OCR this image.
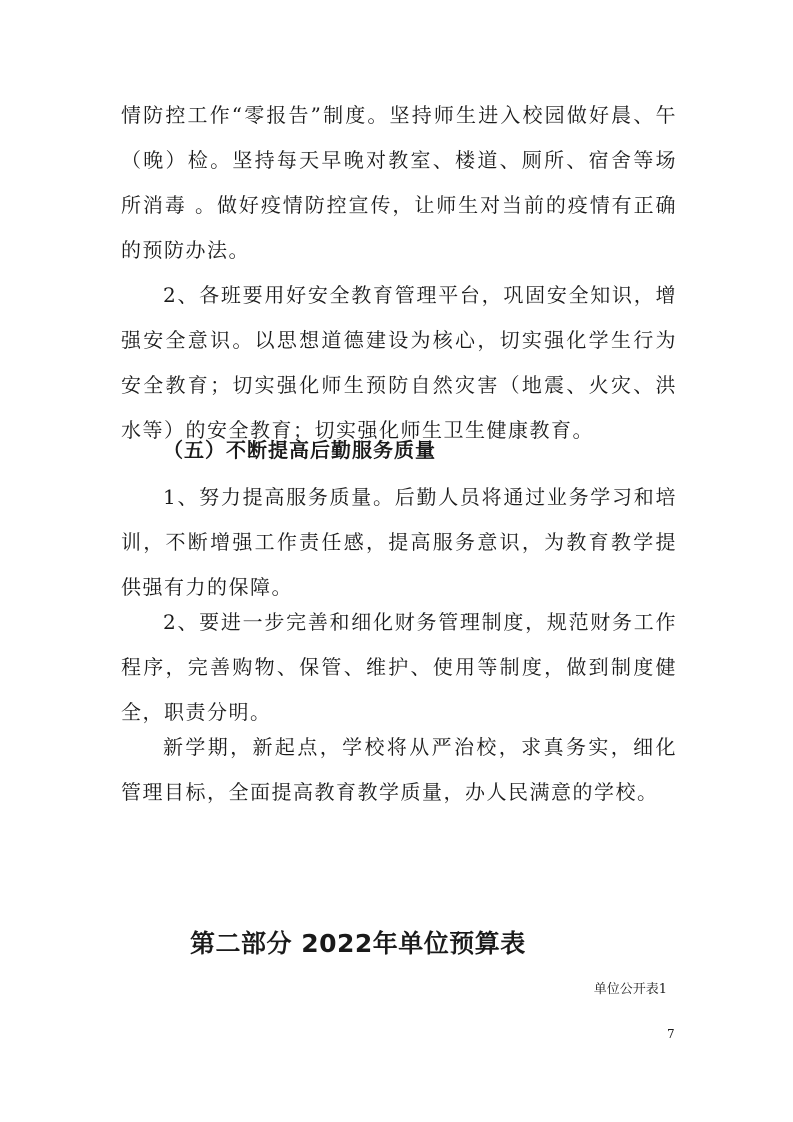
情防控工作“零报告”制度。坚持师生进入校园做好晨、午（晚）检。坚持每天早晚对教室、楼道、厕所、宿舍等场所消毒 。做好疫情防控宣传，让师生对当前的疫情有正确的预防办法。

2、各班要用好安全教育管理平台，巩固安全知识，增强安全意识。以思想道德建设为核心，切实强化学生行为安全教育；切实强化师生预防自然灾害（地震、火灾、洪水等）的安全教育；切实强化师生卫生健康教育。

（五）不断提高后勤服务质量

1、努力提高服务质量。后勤人员将通过业务学习和培训，不断增强工作责任感，提高服务意识，为教育教学提供强有力的保障。

2、要进一步完善和细化财务管理制度，规范财务工作程序，完善购物、保管、维护、使用等制度，做到制度健全，职责分明。

新学期，新起点，学校将从严治校，求真务实，细化管理目标，全面提高教育教学质量，办人民满意的学校。

第二部分 2022年单位预算表
单位公开表1
7
